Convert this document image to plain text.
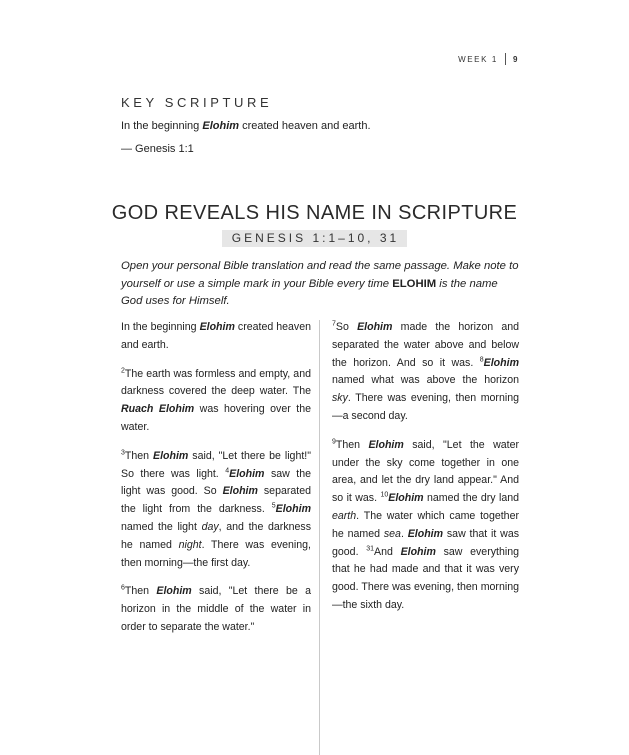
WEEK 1 9
KEY SCRIPTURE
In the beginning Elohim created heaven and earth.
— Genesis 1:1
GOD REVEALS HIS NAME IN SCRIPTURE
GENESIS 1:1–10, 31
Open your personal Bible translation and read the same passage. Make note to yourself or use a simple mark in your Bible every time ELOHIM is the name God uses for Himself.

In the beginning Elohim created heaven and earth.

$^2$The earth was formless and empty, and darkness covered the deep water. The Ruach Elohim was hovering over the water.

$^3$Then Elohim said, "Let there be light!" So there was light. $^4$Elohim saw the light was good. So Elohim separated the light from the darkness. $^5$Elohim named the light day, and the darkness he named night. There was evening, then morning—the first day.

$^6$Then Elohim said, "Let there be a horizon in the middle of the water in order to separate the water."

$^7$So Elohim made the horizon and separated the water above and below the horizon. And so it was. $^8$Elohim named what was above the horizon sky. There was evening, then morning—a second day.

$^9$Then Elohim said, "Let the water under the sky come together in one area, and let the dry land appear." And so it was. $^{10}$Elohim named the dry land earth. The water which came together he named sea. Elohim saw that it was good. $^{31}$And Elohim saw everything that he had made and that it was very good. There was evening, then morning—the sixth day.
